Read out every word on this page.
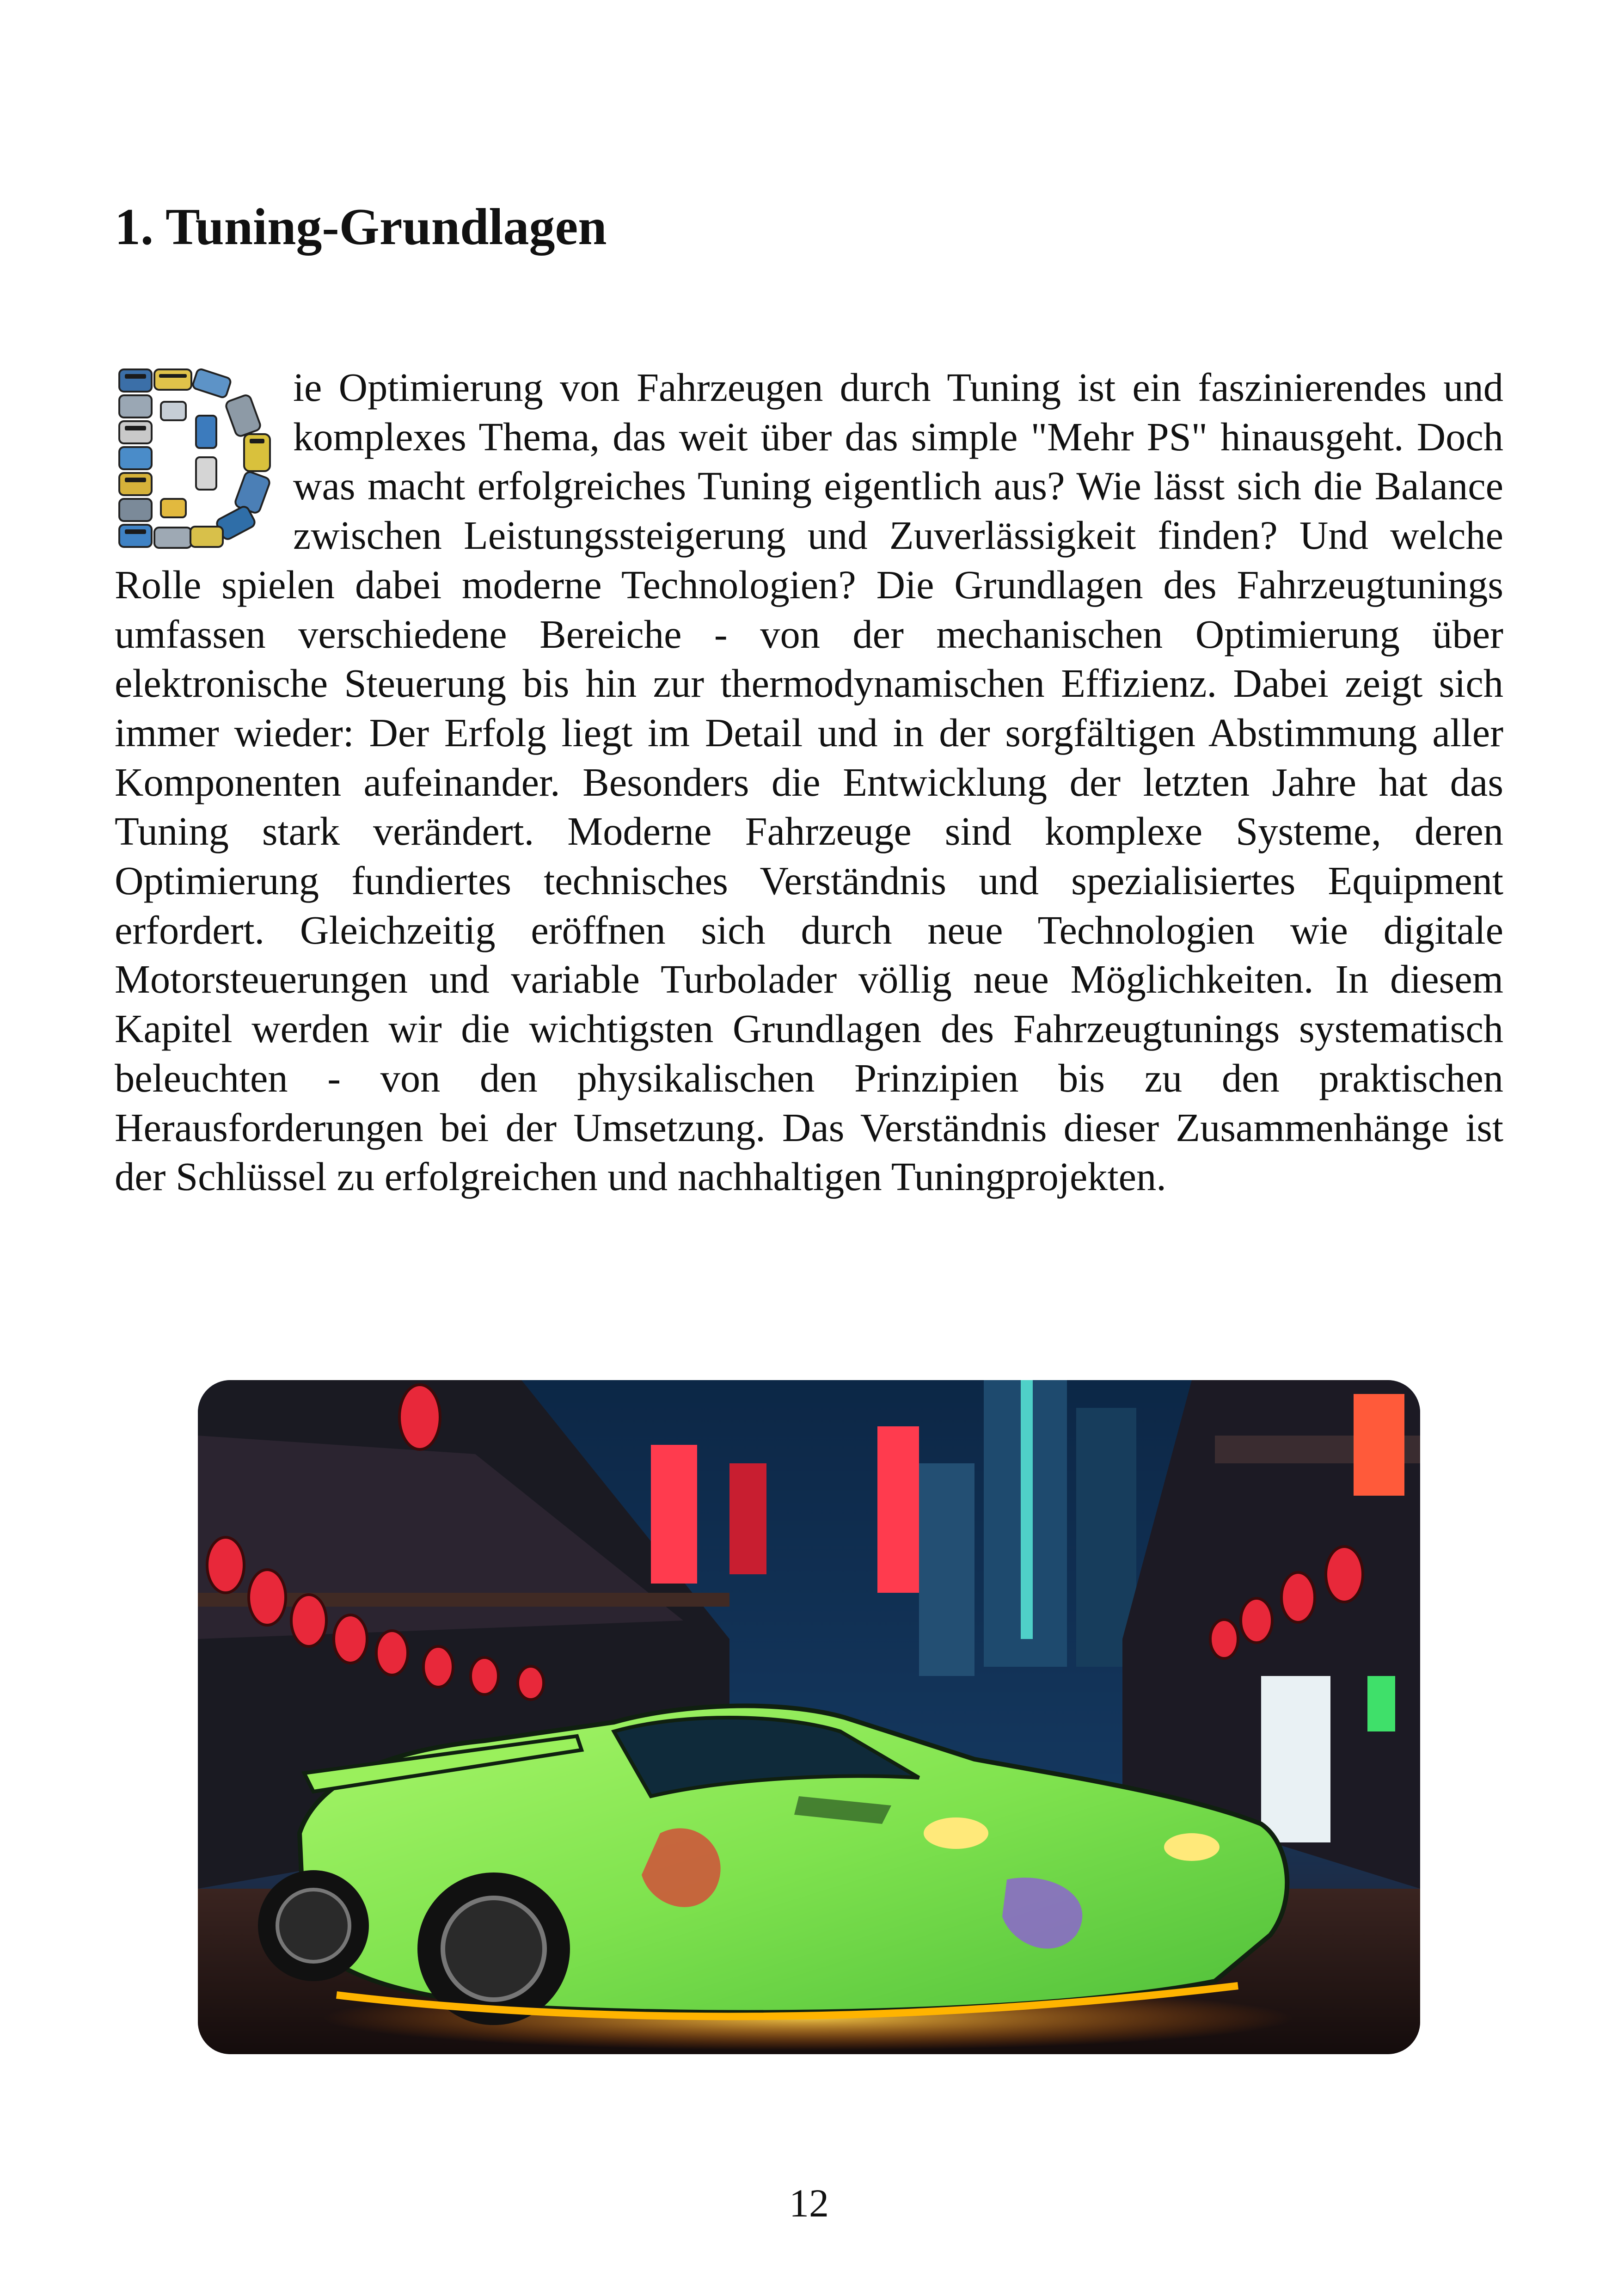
1. Tuning-Grundlagen

ie Optimierung von Fahrzeugen durch Tuning ist ein faszinierendes und komplexes Thema, das weit über das simple "Mehr PS" hinausgeht. Doch was macht erfolgreiches Tuning eigentlich aus? Wie lässt sich die Balance zwischen Leistungssteigerung und Zuverlässigkeit finden? Und welche Rolle spielen dabei moderne Technologien? Die Grundlagen des Fahrzeugtunings umfassen verschiedene Bereiche - von der mechanischen Optimierung über elektronische Steuerung bis hin zur thermodynamischen Effizienz. Dabei zeigt sich immer wieder: Der Erfolg liegt im Detail und in der sorgfältigen Abstimmung aller Komponenten aufeinander. Besonders die Entwicklung der letzten Jahre hat das Tuning stark verändert. Moderne Fahrzeuge sind komplexe Systeme, deren Optimierung fundiertes technisches Verständnis und spezialisiertes Equipment erfordert. Gleichzeitig eröffnen sich durch neue Technologien wie digitale Motorsteuerungen und variable Turbolader völlig neue Möglichkeiten. In diesem Kapitel werden wir die wichtigsten Grundlagen des Fahrzeugtunings systematisch beleuchten - von den physikalischen Prinzipien bis zu den praktischen Herausforderungen bei der Umsetzung. Das Verständnis dieser Zusammenhänge ist der Schlüssel zu erfolgreichen und nachhaltigen Tuningprojekten.

12
